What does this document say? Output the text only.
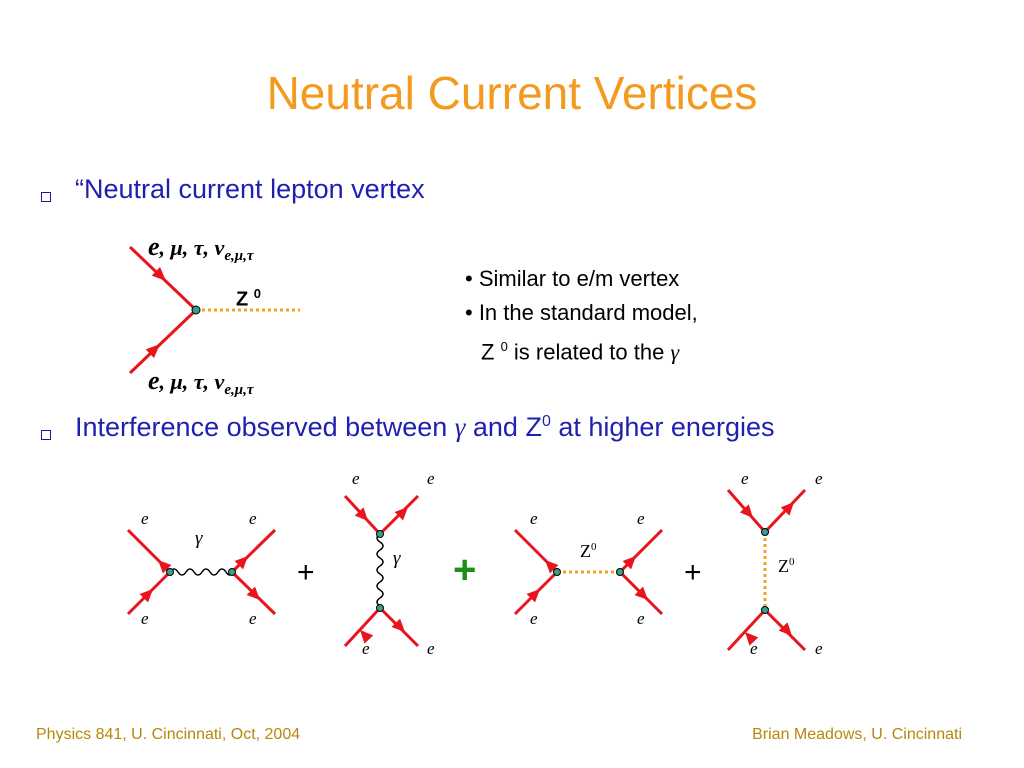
Neutral Current Vertices
“Neutral current lepton vertex
e, μ, τ, $\nu_{e,\mu,\tau}$
Z $^0$
e, μ, τ, $\nu_{e,\mu,\tau}$
• Similar to e/m vertex
• In the standard model,
Z $^0$ is related to the γ
Interference observed between γ and $Z^0$ at higher energies
e	e
e	e
γ
+
e	e
e	e
γ +
e	e
e	e
$Z^0$
+
e	e
e	e
$Z^0$
Physics 841, U. Cincinnati, Oct, 2004	Brian Meadows, U. Cincinnati
